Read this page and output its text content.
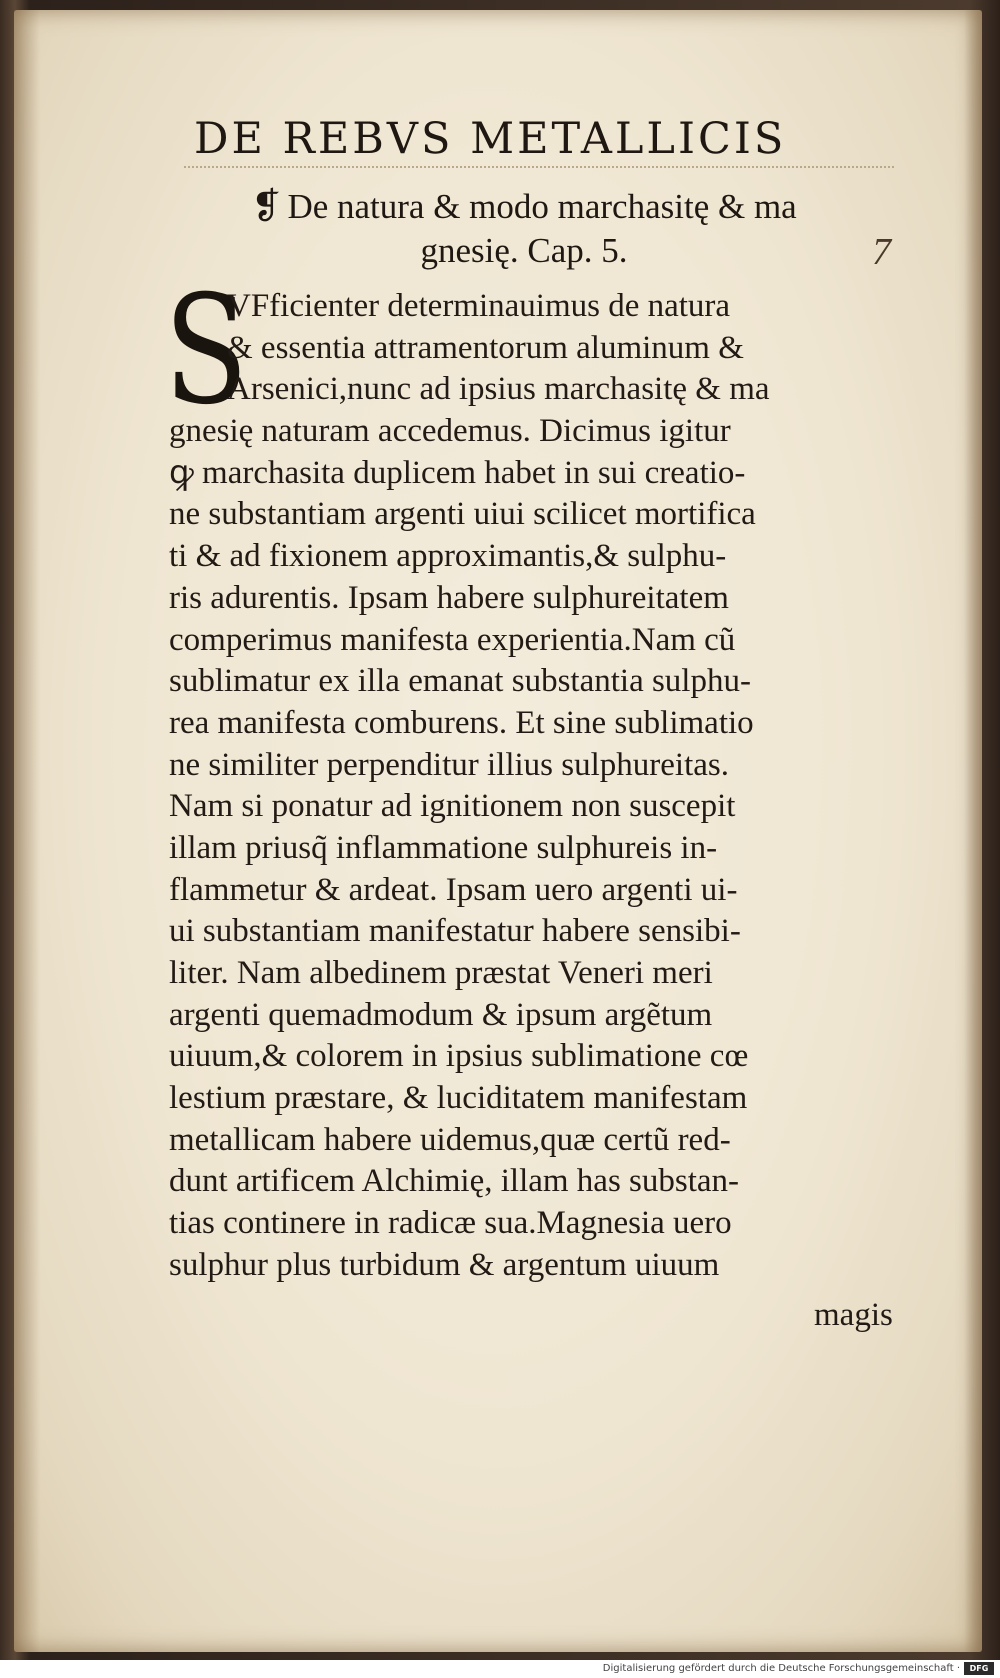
DE REBVS METALLICIS
❡ De natura & modo marchasitę & ma
gnesię. Cap. 5.	7
S
VFficienter determinauimus de natura
& essentia attramentorum aluminum &
Arsenici,nunc ad ipsius marchasitę & ma
gnesię naturam accedemus. Dicimus igitur
ꝙ marchasita duplicem habet in sui creatio-
ne substantiam argenti uiui scilicet mortifica
ti & ad fixionem approximantis,& sulphu-
ris adurentis. Ipsam habere sulphureitatem
comperimus manifesta experientia.Nam cũ
sublimatur ex illa emanat substantia sulphu-
rea manifesta comburens. Et sine sublimatio
ne similiter perpenditur illius sulphureitas.
Nam si ponatur ad ignitionem non suscepit
illam priusq̃ inflammatione sulphureis in-
flammetur & ardeat. Ipsam uero argenti ui-
ui substantiam manifestatur habere sensibi-
liter. Nam albedinem præstat Veneri meri
argenti quemadmodum & ipsum argẽtum
uiuum,& colorem in ipsius sublimatione cœ
lestium præstare, & luciditatem manifestam
metallicam habere uidemus,quæ certũ red-
dunt artificem Alchimię, illam has substan-
tias continere in radicæ sua.Magnesia uero
sulphur plus turbidum & argentum uiuum
magis
Digitalisierung gefördert durch die Deutsche Forschungsgemeinschaft ·	DFG
